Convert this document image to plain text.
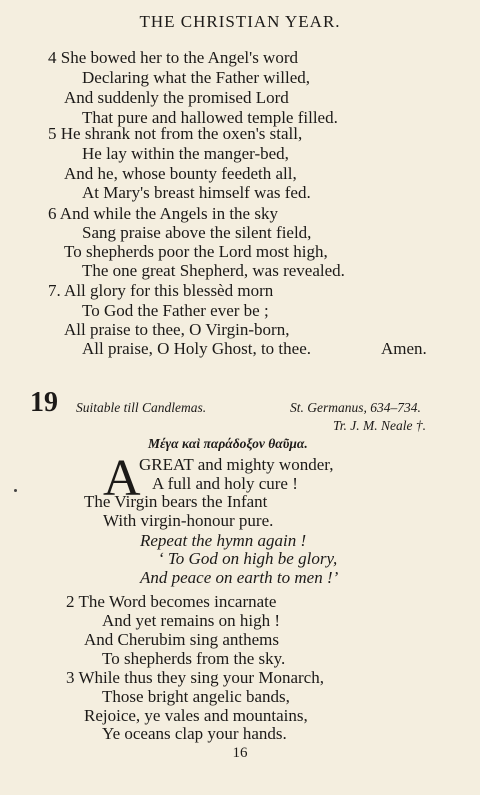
THE CHRISTIAN YEAR.
4 She bowed her to the Angel's word
Declaring what the Father willed,
And suddenly the promised Lord
That pure and hallowed temple filled.
5 He shrank not from the oxen's stall,
He lay within the manger-bed,
And he, whose bounty feedeth all,
At Mary's breast himself was fed.
6 And while the Angels in the sky
Sang praise above the silent field,
To shepherds poor the Lord most high,
The one great Shepherd, was revealed.
7. All glory for this blessèd morn
To God the Father ever be ;
All praise to thee, O Virgin-born,
All praise, O Holy Ghost, to thee.	Amen.
19 Suitable till Candlemas.	St. Germanus, 634–734.
Tr. J. M. Neale †.
Μέγα καὶ παράδοξον θαῦμα.
A
GREAT and mighty wonder,
A full and holy cure !
The Virgin bears the Infant
With virgin-honour pure.
Repeat the hymn again !
‘ To God on high be glory,
And peace on earth to men !’
2 The Word becomes incarnate
And yet remains on high !
And Cherubim sing anthems
To shepherds from the sky.
3 While thus they sing your Monarch,
Those bright angelic bands,
Rejoice, ye vales and mountains,
Ye oceans clap your hands.
16
